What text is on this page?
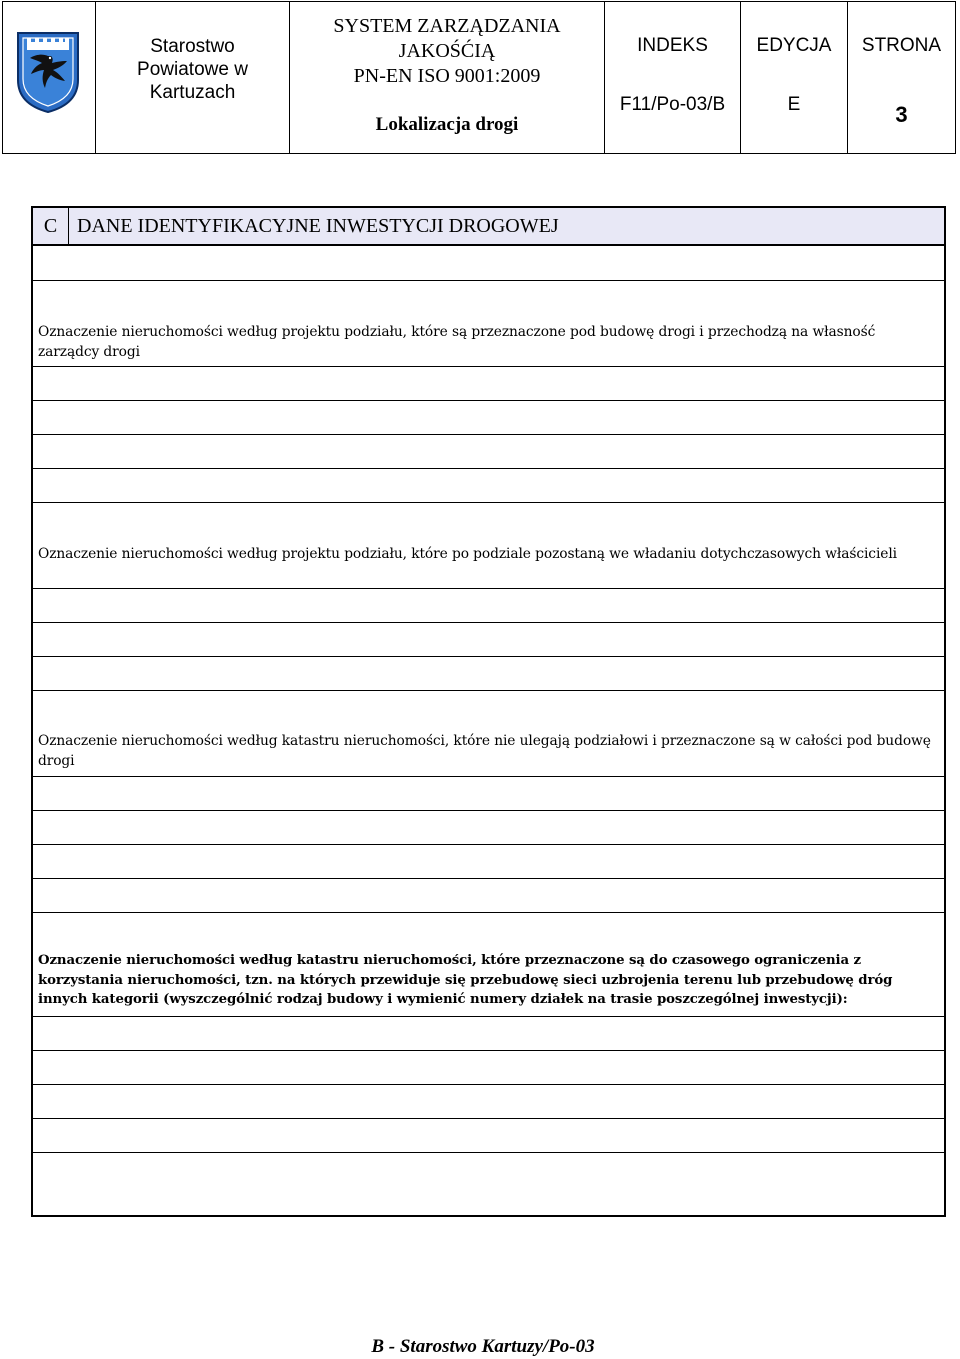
Starostwo
Powiatowe w
Kartuzach
SYSTEM ZARZĄDZANIA
JAKOŚĆIĄ
PN-EN ISO 9001:2009
Lokalizacja drogi
INDEKS
F11/Po-03/B
EDYCJA
E
STRONA
3
C DANE IDENTYFIKACYJNE INWESTYCJI DROGOWEJ
Oznaczenie nieruchomości według projektu podziału, które są przeznaczone pod budowę drogi i przechodzą na własność zarządcy drogi
Oznaczenie nieruchomości według projektu podziału, które po podziale pozostaną we władaniu dotychczasowych właścicieli
Oznaczenie nieruchomości według katastru nieruchomości, które nie ulegają podziałowi i przeznaczone są w całości pod budowę drogi
Oznaczenie nieruchomości według katastru nieruchomości, które przeznaczone są do czasowego ograniczenia z korzystania nieruchomości, tzn. na których przewiduje się przebudowę sieci uzbrojenia terenu lub przebudowę dróg innych kategorii (wyszczególnić rodzaj budowy i wymienić numery działek na trasie poszczególnej inwestycji):
B - Starostwo Kartuzy/Po-03
